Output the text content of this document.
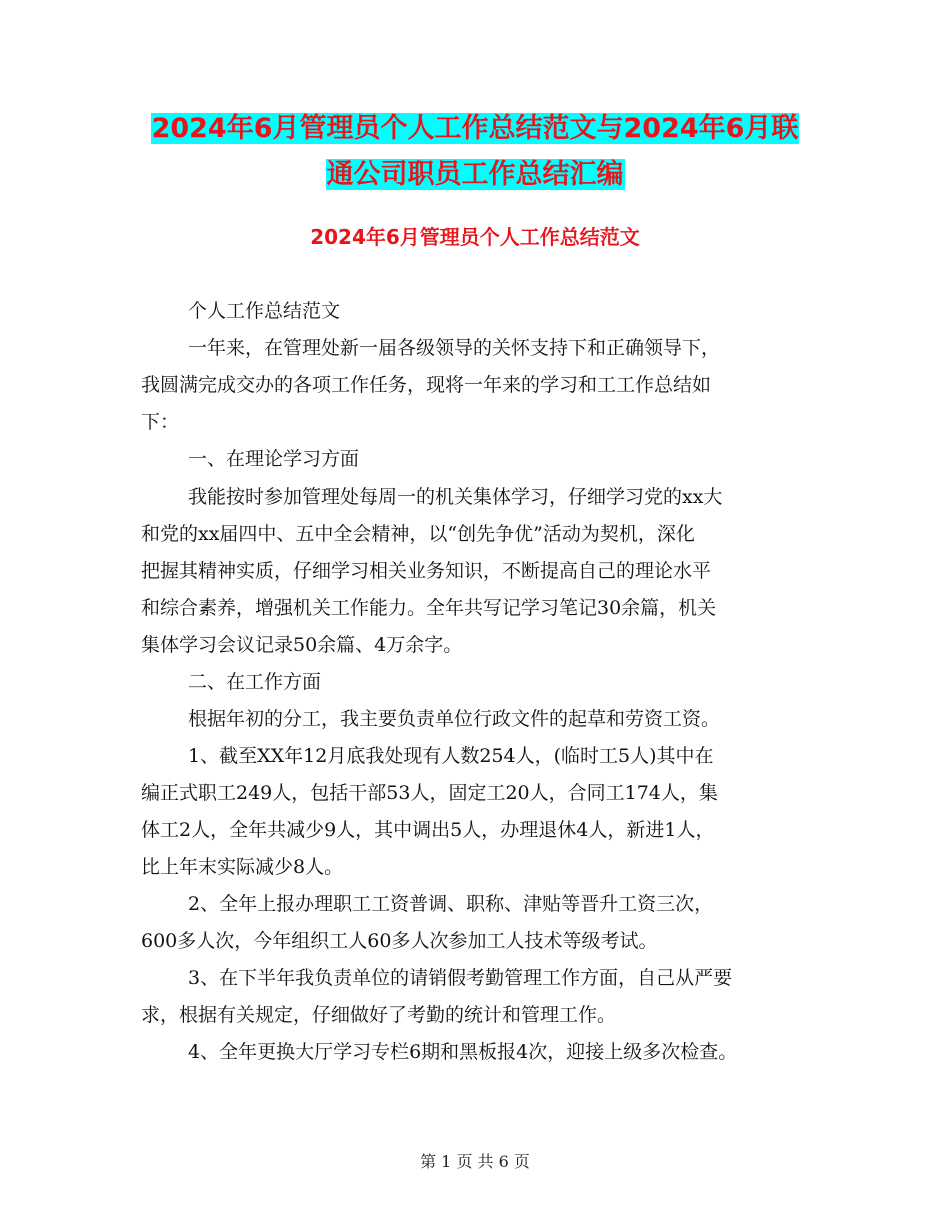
2024年6月管理员个人工作总结范文与2024年6月联
通公司职员工作总结汇编
2024年6月管理员个人工作总结范文

个人工作总结范文

一年来，在管理处新一届各级领导的关怀支持下和正确领导下，

我圆满完成交办的各项工作任务，现将一年来的学习和工工作总结如

下：

一、在理论学习方面

我能按时参加管理处每周一的机关集体学习，仔细学习党的xx大

和党的xx届四中、五中全会精神，以“创先争优”活动为契机，深化

把握其精神实质，仔细学习相关业务知识，不断提高自己的理论水平

和综合素养，增强机关工作能力。全年共写记学习笔记30余篇，机关

集体学习会议记录50余篇、4万余字。

二、在工作方面

根据年初的分工，我主要负责单位行政文件的起草和劳资工资。

1、截至XX年12月底我处现有人数254人，(临时工5人)其中在

编正式职工249人，包括干部53人，固定工20人，合同工174人，集

体工2人，全年共减少9人，其中调出5人，办理退休4人，新进1人，

比上年末实际减少8人。

2、全年上报办理职工工资普调、职称、津贴等晋升工资三次，

600多人次，今年组织工人60多人次参加工人技术等级考试。

3、在下半年我负责单位的请销假考勤管理工作方面，自己从严要

求，根据有关规定，仔细做好了考勤的统计和管理工作。

4、全年更换大厅学习专栏6期和黑板报4次，迎接上级多次检查。

第 1 页 共 6 页
